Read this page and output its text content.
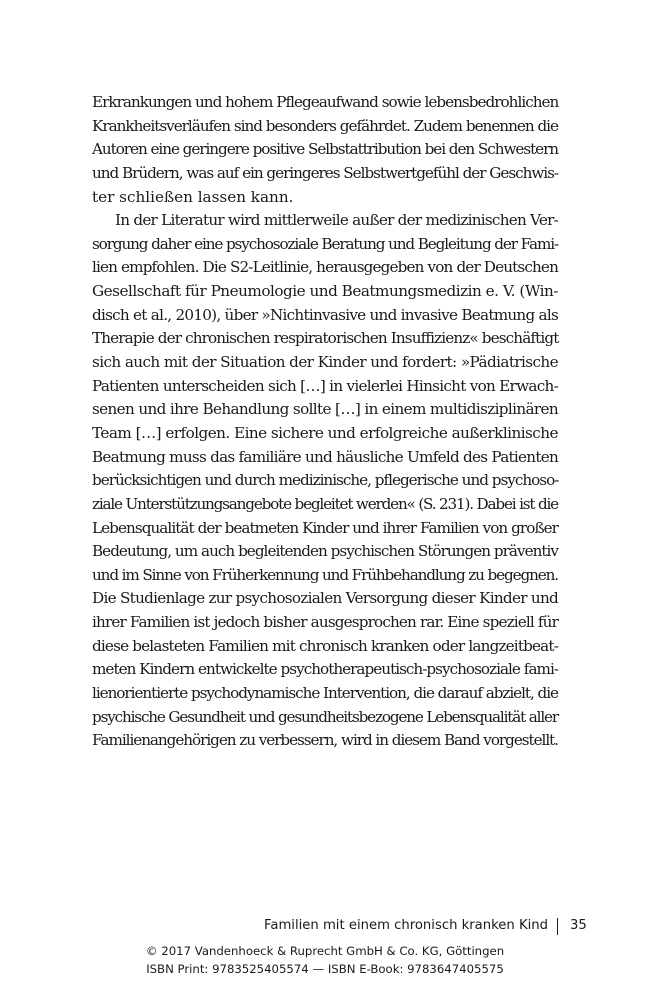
Erkrankungen und hohem Pflegeaufwand sowie lebensbedrohlichen
Krankheitsverläufen sind besonders gefährdet. Zudem benennen die
Autoren eine geringere positive Selbstattribution bei den Schwestern
und Brüdern, was auf ein geringeres Selbstwertgefühl der Geschwis-
ter schließen lassen kann.
In der Literatur wird mittlerweile außer der medizinischen Ver-
sorgung daher eine psychosoziale Beratung und Begleitung der Fami-
lien empfohlen. Die S2-Leitlinie, herausgegeben von der Deutschen
Gesellschaft für Pneumologie und Beatmungsmedizin e. V. (Win-
disch et al., 2010), über »Nichtinvasive und invasive Beatmung als
Therapie der chronischen respiratorischen Insuffizienz« beschäftigt
sich auch mit der Situation der Kinder und fordert: »Pädiatrische
Patienten unterscheiden sich […] in vielerlei Hinsicht von Erwach-
senen und ihre Behandlung sollte […] in einem multidisziplinären
Team […] erfolgen. Eine sichere und erfolgreiche außerklinische
Beatmung muss das familiäre und häusliche Umfeld des Patienten
berücksichtigen und durch medizinische, pflegerische und psychoso-
ziale Unterstützungsangebote begleitet werden« (S. 231). Dabei ist die
Lebensqualität der beatmeten Kinder und ihrer Familien von großer
Bedeutung, um auch begleitenden psychischen Störungen präventiv
und im Sinne von Früherkennung und Frühbehandlung zu begegnen.
Die Studienlage zur psychosozialen Versorgung dieser Kinder und
ihrer Familien ist jedoch bisher ausgesprochen rar. Eine speziell für
diese belasteten Familien mit chronisch kranken oder langzeitbeat-
meten Kindern entwickelte psychotherapeutisch-psychosoziale fami-
lienorientierte psychodynamische Intervention, die darauf abzielt, die
psychische Gesundheit und gesundheitsbezogene Lebensqualität aller
Familienangehörigen zu verbessern, wird in diesem Band vorgestellt.
Familien mit einem chronisch kranken Kind 35
© 2017 Vandenhoeck & Ruprecht GmbH & Co. KG, Göttingen
ISBN Print: 9783525405574 — ISBN E-Book: 9783647405575
